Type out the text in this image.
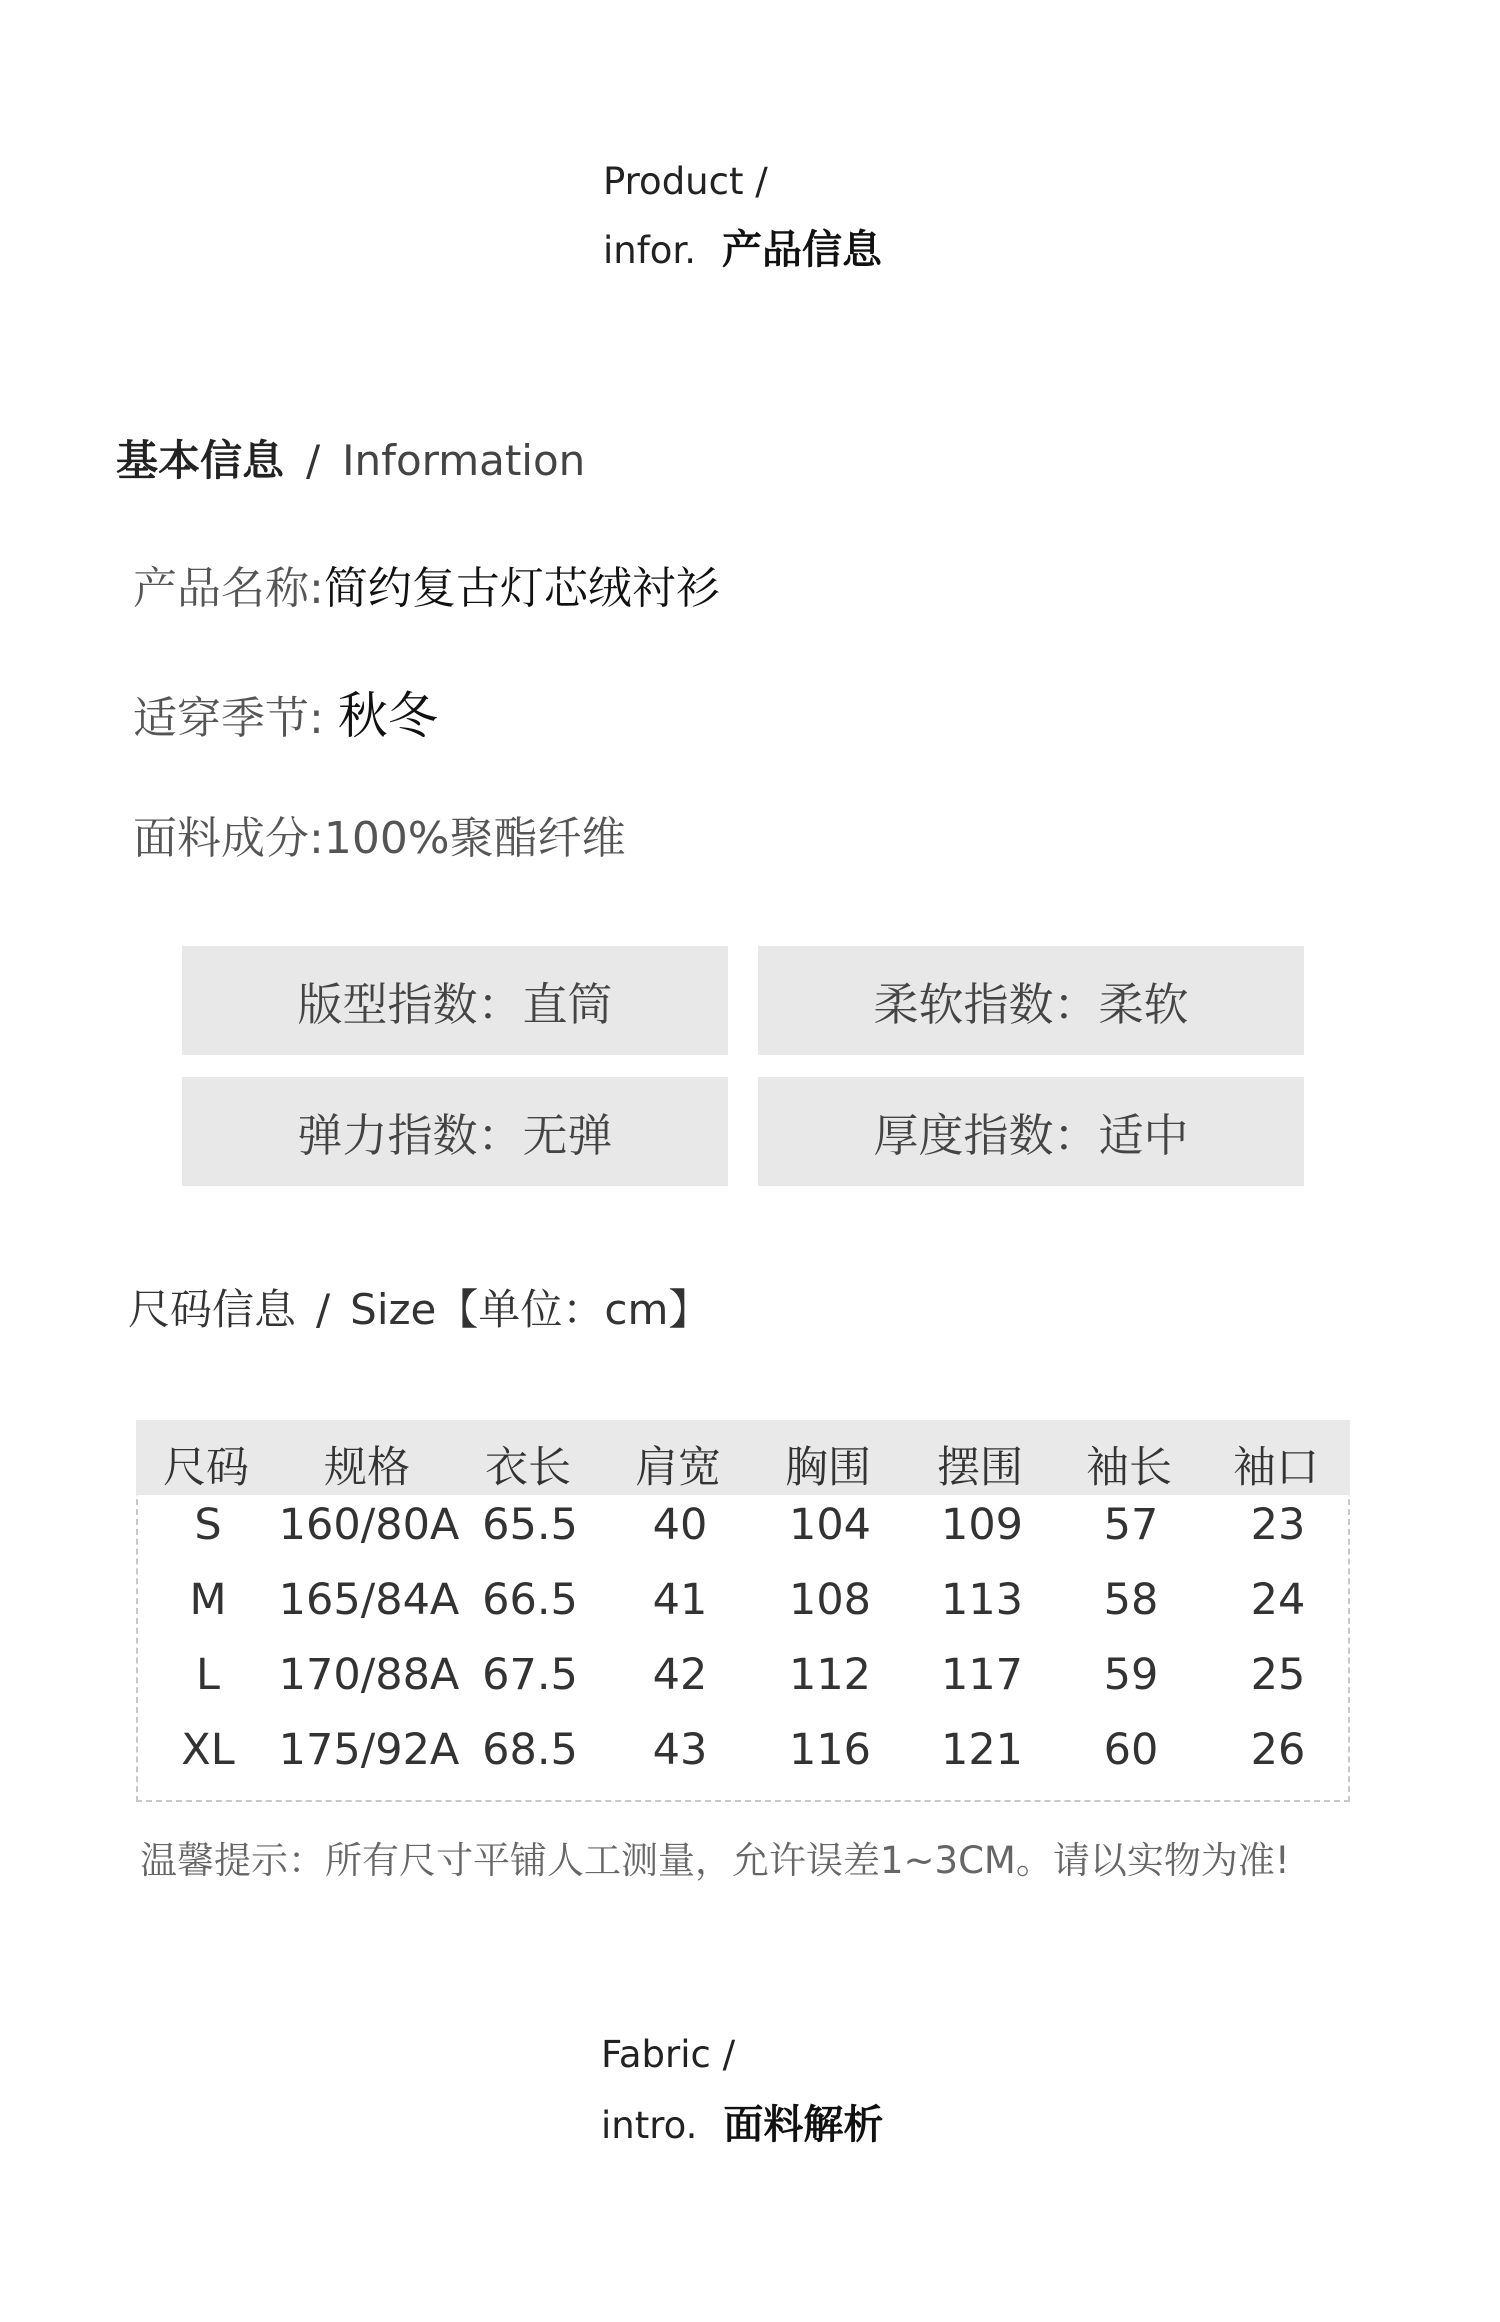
Product /
infor. 产品信息
基本信息 / Information
产品名称:简约复古灯芯绒衬衫
适穿季节: 秋冬
面料成分:100%聚酯纤维
版型指数：直筒	柔软指数：柔软
弹力指数：无弹	厚度指数：适中
尺码信息 / Size【单位：cm】
尺码 规格 衣长 肩宽 胸围 摆围 袖长 袖口
S 160/80A 65.5 40 104 109 57 23
M 165/84A 66.5 41 108 113 58 24
L 170/88A 67.5 42 112 117 59 25
XL 175/92A 68.5 43 116 121 60 26
温馨提示：所有尺寸平铺人工测量，允许误差1~3CM。请以实物为准!
Fabric /
intro. 面料解析
